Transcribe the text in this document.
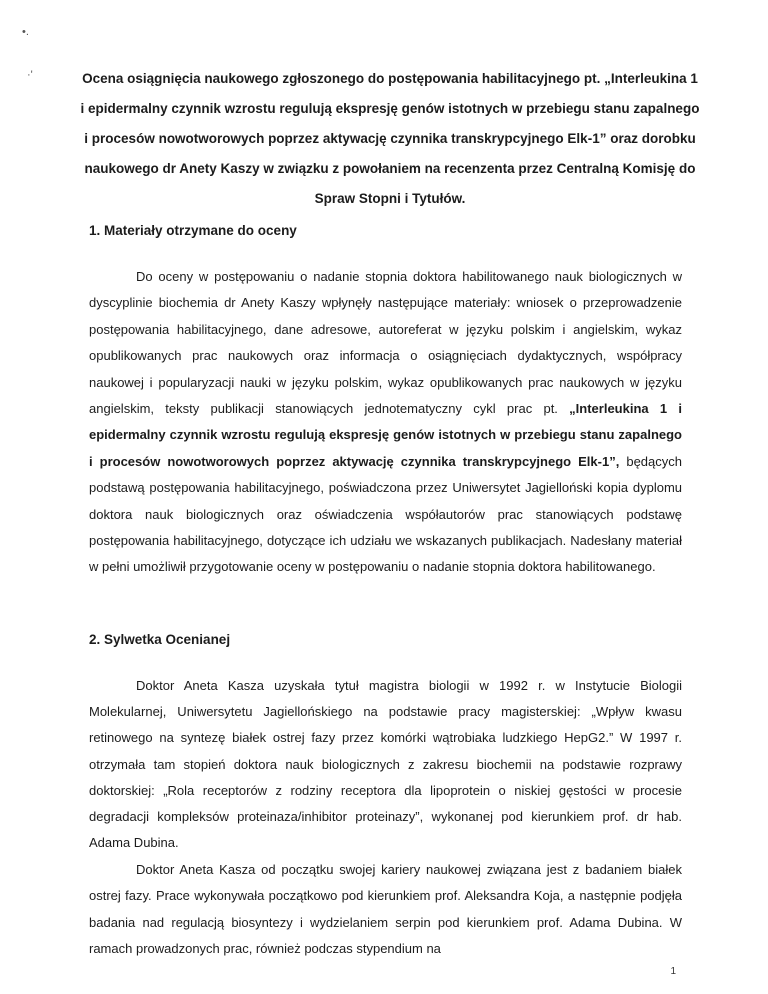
•.
·'	Ocena osiągnięcia naukowego zgłoszonego do postępowania habilitacyjnego pt. „Interleukina 1 i epidermalny czynnik wzrostu regulują ekspresję genów istotnych w przebiegu stanu zapalnego i procesów nowotworowych poprzez aktywację czynnika transkrypcyjnego Elk-1” oraz dorobku naukowego dr Anety Kaszy w związku z powołaniem na recenzenta przez Centralną Komisję do Spraw Stopni i Tytułów.

1. Materiały otrzymane do oceny

Do oceny w postępowaniu o nadanie stopnia doktora habilitowanego nauk biologicznych w dyscyplinie biochemia dr Anety Kaszy wpłynęły następujące materiały: wniosek o przeprowadzenie postępowania habilitacyjnego, dane adresowe, autoreferat w języku polskim i angielskim, wykaz opublikowanych prac naukowych oraz informacja o osiągnięciach dydaktycznych, współpracy naukowej i popularyzacji nauki w języku polskim, wykaz opublikowanych prac naukowych w języku angielskim, teksty publikacji stanowiących jednotematyczny cykl prac pt. „Interleukina 1 i epidermalny czynnik wzrostu regulują ekspresję genów istotnych w przebiegu stanu zapalnego i procesów nowotworowych poprzez aktywację czynnika transkrypcyjnego Elk-1”, będących podstawą postępowania habilitacyjnego, poświadczona przez Uniwersytet Jagielloński kopia dyplomu doktora nauk biologicznych oraz oświadczenia współautorów prac stanowiących podstawę postępowania habilitacyjnego, dotyczące ich udziału we wskazanych publikacjach. Nadesłany materiał w pełni umożliwił przygotowanie oceny w postępowaniu o nadanie stopnia doktora habilitowanego.

2. Sylwetka Ocenianej

Doktor Aneta Kasza uzyskała tytuł magistra biologii w 1992 r. w Instytucie Biologii Molekularnej, Uniwersytetu Jagiellońskiego na podstawie pracy magisterskiej: „Wpływ kwasu retinowego na syntezę białek ostrej fazy przez komórki wątrobiaka ludzkiego HepG2.” W 1997 r. otrzymała tam stopień doktora nauk biologicznych z zakresu biochemii na podstawie rozprawy doktorskiej: „Rola receptorów z rodziny receptora dla lipoprotein o niskiej gęstości w procesie degradacji kompleksów proteinaza/inhibitor proteinazy”, wykonanej pod kierunkiem prof. dr hab. Adama Dubina.

Doktor Aneta Kasza od początku swojej kariery naukowej związana jest z badaniem białek ostrej fazy. Prace wykonywała początkowo pod kierunkiem prof. Aleksandra Koja, a następnie podjęła badania nad regulacją biosyntezy i wydzielaniem serpin pod kierunkiem prof. Adama Dubina. W ramach prowadzonych prac, również podczas stypendium na

1
